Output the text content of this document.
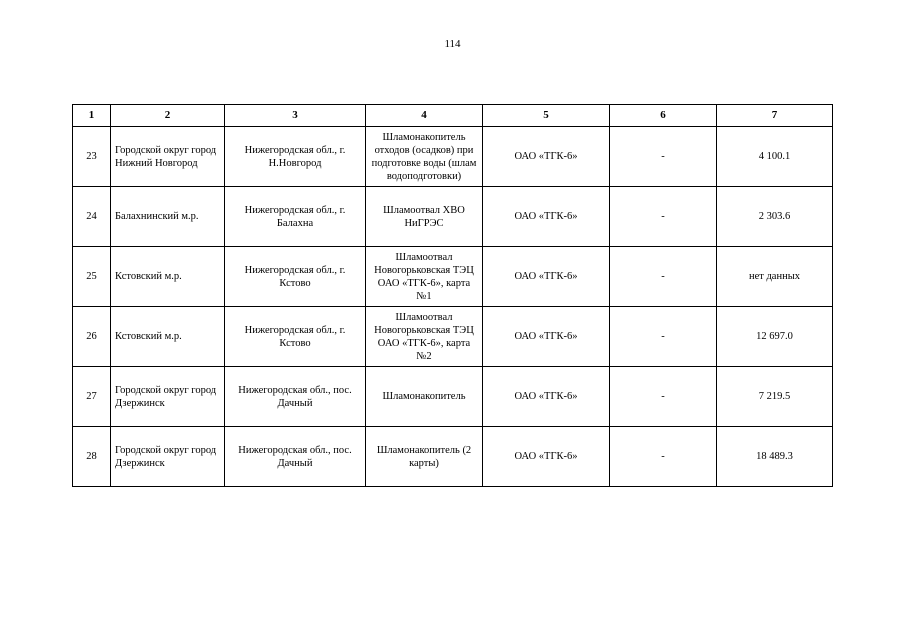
114
1	2	3	4	5	6	7
23	Городской округ город Нижний Новгород	Нижегородская обл., г. Н.Новгород	Шламонакопитель отходов (осадков) при подготовке воды (шлам водоподготовки)	ОАО «ТГК-6»	-	4 100.1
24	Балахнинский м.р.	Нижегородская обл., г. Балахна	Шламоотвал ХВО НиГРЭС	ОАО «ТГК-6»	-	2 303.6
25	Кстовский м.р.	Нижегородская обл., г. Кстово	Шламоотвал Новогорьковская ТЭЦ ОАО «ТГК-6», карта №1	ОАО «ТГК-6»	-	нет данных
26	Кстовский м.р.	Нижегородская обл., г. Кстово	Шламоотвал Новогорьковская ТЭЦ ОАО «ТГК-6», карта №2	ОАО «ТГК-6»	-	12 697.0
27	Городской округ город Дзержинск	Нижегородская обл., пос. Дачный	Шламонакопитель	ОАО «ТГК-6»	-	7 219.5
28	Городской округ город Дзержинск	Нижегородская обл., пос. Дачный	Шламонакопитель (2 карты)	ОАО «ТГК-6»	-	18 489.3
